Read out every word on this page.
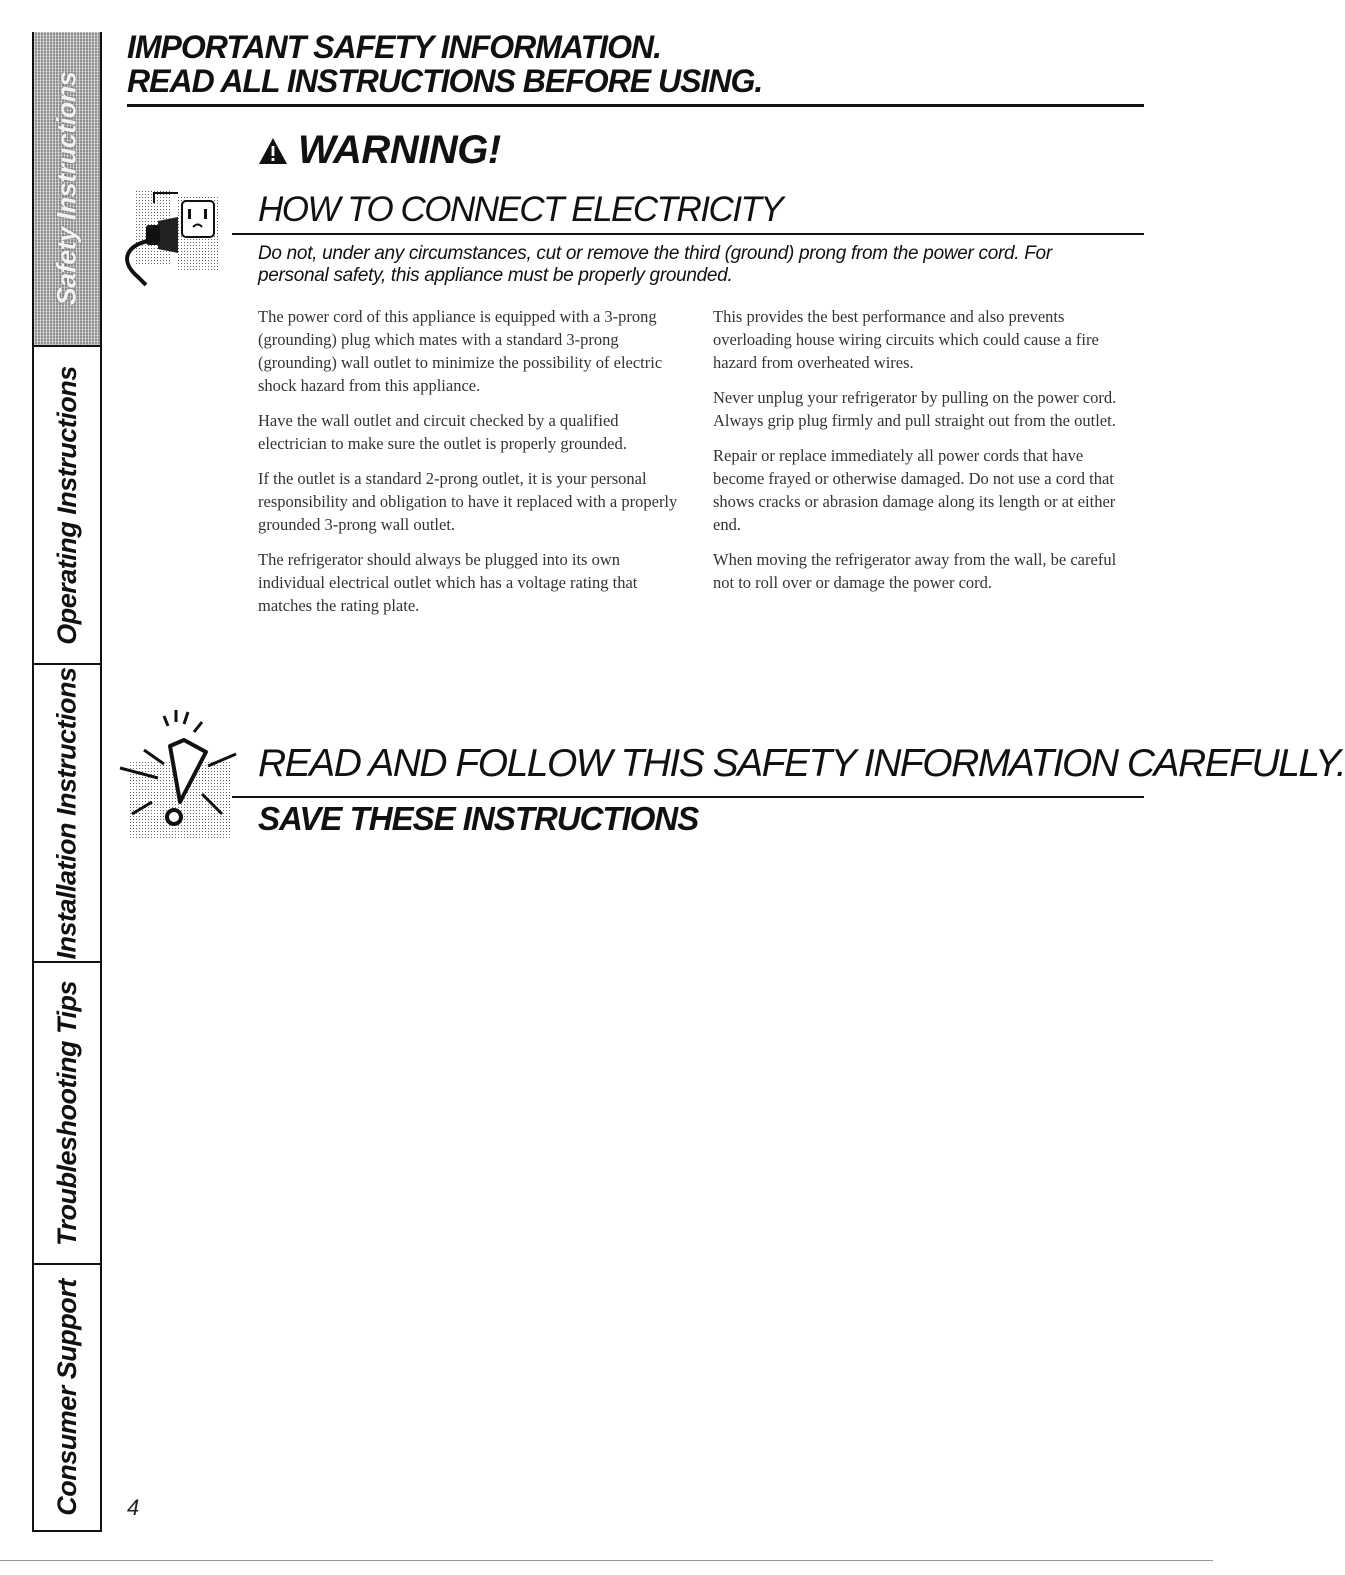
Safety Instructions
Operating Instructions
Installation Instructions
Troubleshooting Tips
Consumer Support
IMPORTANT SAFETY INFORMATION.
READ ALL INSTRUCTIONS BEFORE USING.
WARNING!
HOW TO CONNECT ELECTRICITY
Do not, under any circumstances, cut or remove the third (ground) prong from the power cord. For personal safety, this appliance must be properly grounded.

The power cord of this appliance is equipped with a 3-prong (grounding) plug which mates with a standard 3-prong (grounding) wall outlet to minimize the possibility of electric shock hazard from this appliance.

Have the wall outlet and circuit checked by a qualified electrician to make sure the outlet is properly grounded.

If the outlet is a standard 2-prong outlet, it is your personal responsibility and obligation to have it replaced with a properly grounded 3-prong wall outlet.

The refrigerator should always be plugged into its own individual electrical outlet which has a voltage rating that matches the rating plate.

This provides the best performance and also prevents overloading house wiring circuits which could cause a fire hazard from overheated wires.

Never unplug your refrigerator by pulling on the power cord. Always grip plug firmly and pull straight out from the outlet.

Repair or replace immediately all power cords that have become frayed or otherwise damaged. Do not use a cord that shows cracks or abrasion damage along its length or at either end.

When moving the refrigerator away from the wall, be careful not to roll over or damage the power cord.

READ AND FOLLOW THIS SAFETY INFORMATION CAREFULLY.
SAVE THESE INSTRUCTIONS
4
